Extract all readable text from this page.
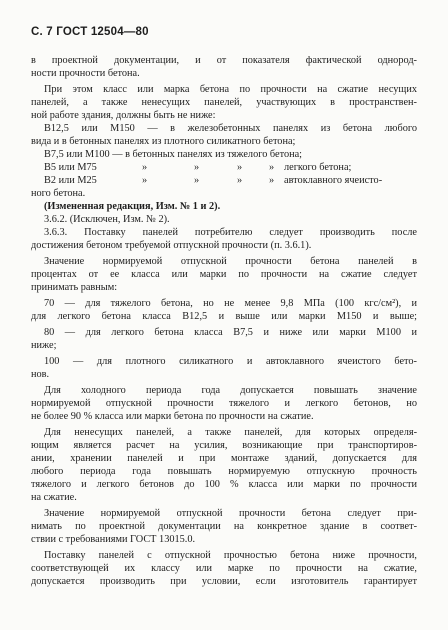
С. 7 ГОСТ 12504—80
в проектной документации, и от показателя фактической однород-
ности прочности бетона.
При этом класс или марка бетона по прочности на сжатие несущих
панелей, а также ненесущих панелей, участвующих в пространствен-
ной работе здания, должны быть не ниже:
В12,5 или М150 — в железобетонных панелях из бетона любого
вида и в бетонных панелях из плотного силикатного бетона;
В7,5 или М100 — в бетонных панелях из тяжелого бетона;
В5 или М75	»	»	»	» легкого бетона;
В2 или М25	»	»	»	» автоклавного ячеисто-
ного бетона.
(Измененная редакция, Изм. № 1 и 2).
3.6.2. (Исключен, Изм. № 2).
3.6.3. Поставку панелей потребителю следует производить после
достижения бетоном требуемой отпускной прочности (п. 3.6.1).
Значение нормируемой отпускной прочности бетона панелей в
процентах от ее класса или марки по прочности на сжатие следует
принимать равным:
70 — для тяжелого бетона, но не менее 9,8 МПа (100 кгс/см²), и
для легкого бетона класса В12,5 и выше или марки М150 и выше;
80 — для легкого бетона класса В7,5 и ниже или марки М100 и
ниже;
100 — для плотного силикатного и автоклавного ячеистого бето-
нов.
Для холодного периода года допускается повышать значение
нормируемой отпускной прочности тяжелого и легкого бетонов, но
не более 90 % класса или марки бетона по прочности на сжатие.
Для ненесущих панелей, а также панелей, для которых определя-
ющим является расчет на усилия, возникающие при транспортиров-
ании, хранении панелей и при монтаже зданий, допускается для
любого периода года повышать нормируемую отпускную прочность
тяжелого и легкого бетонов до 100 % класса или марки по прочности
на сжатие.
Значение нормируемой отпускной прочности бетона следует при-
нимать по проектной документации на конкретное здание в соответ-
ствии с требованиями ГОСТ 13015.0.
Поставку панелей с отпускной прочностью бетона ниже прочности,
соответствующей их классу или марке по прочности на сжатие,
допускается производить при условии, если изготовитель гарантирует
